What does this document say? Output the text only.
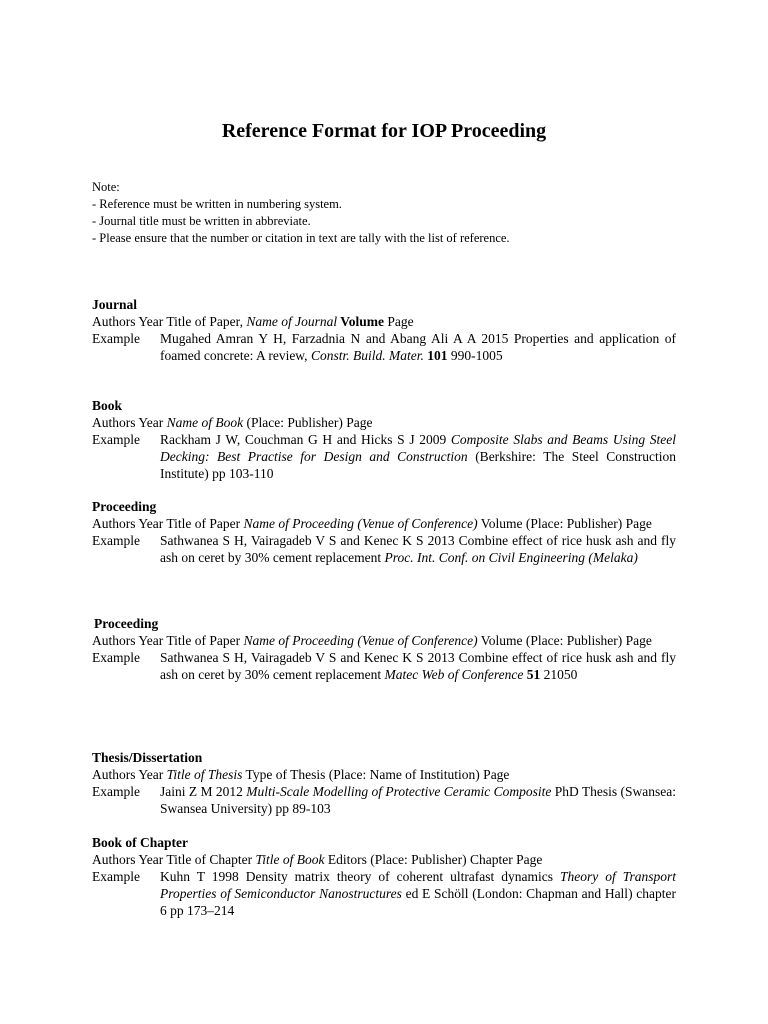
Reference Format for IOP Proceeding
Note:
- Reference must be written in numbering system.
- Journal title must be written in abbreviate.
- Please ensure that the number or citation in text are tally with the list of reference.
Journal
Authors Year Title of Paper, Name of Journal Volume Page
Example	Mugahed Amran Y H, Farzadnia N and Abang Ali A A 2015 Properties and application of foamed concrete: A review, Constr. Build. Mater. 101 990-1005
Book
Authors Year Name of Book (Place: Publisher) Page
Example	Rackham J W, Couchman G H and Hicks S J 2009 Composite Slabs and Beams Using Steel Decking: Best Practise for Design and Construction (Berkshire: The Steel Construction Institute) pp 103-110
Proceeding
Authors Year Title of Paper Name of Proceeding (Venue of Conference) Volume (Place: Publisher) Page
Example	Sathwanea S H, Vairagadeb V S and Kenec K S 2013 Combine effect of rice husk ash and fly ash on ceret by 30% cement replacement Proc. Int. Conf. on Civil Engineering (Melaka)
Proceeding
Authors Year Title of Paper Name of Proceeding (Venue of Conference) Volume (Place: Publisher) Page
Example	Sathwanea S H, Vairagadeb V S and Kenec K S 2013 Combine effect of rice husk ash and fly ash on ceret by 30% cement replacement Matec Web of Conference 51 21050
Thesis/Dissertation
Authors Year Title of Thesis Type of Thesis (Place: Name of Institution) Page
Example	Jaini Z M 2012 Multi-Scale Modelling of Protective Ceramic Composite PhD Thesis (Swansea: Swansea University) pp 89-103
Book of Chapter
Authors Year Title of Chapter Title of Book Editors (Place: Publisher) Chapter Page
Example	Kuhn T 1998 Density matrix theory of coherent ultrafast dynamics Theory of Transport Properties of Semiconductor Nanostructures ed E Schöll (London: Chapman and Hall) chapter 6 pp 173–214
